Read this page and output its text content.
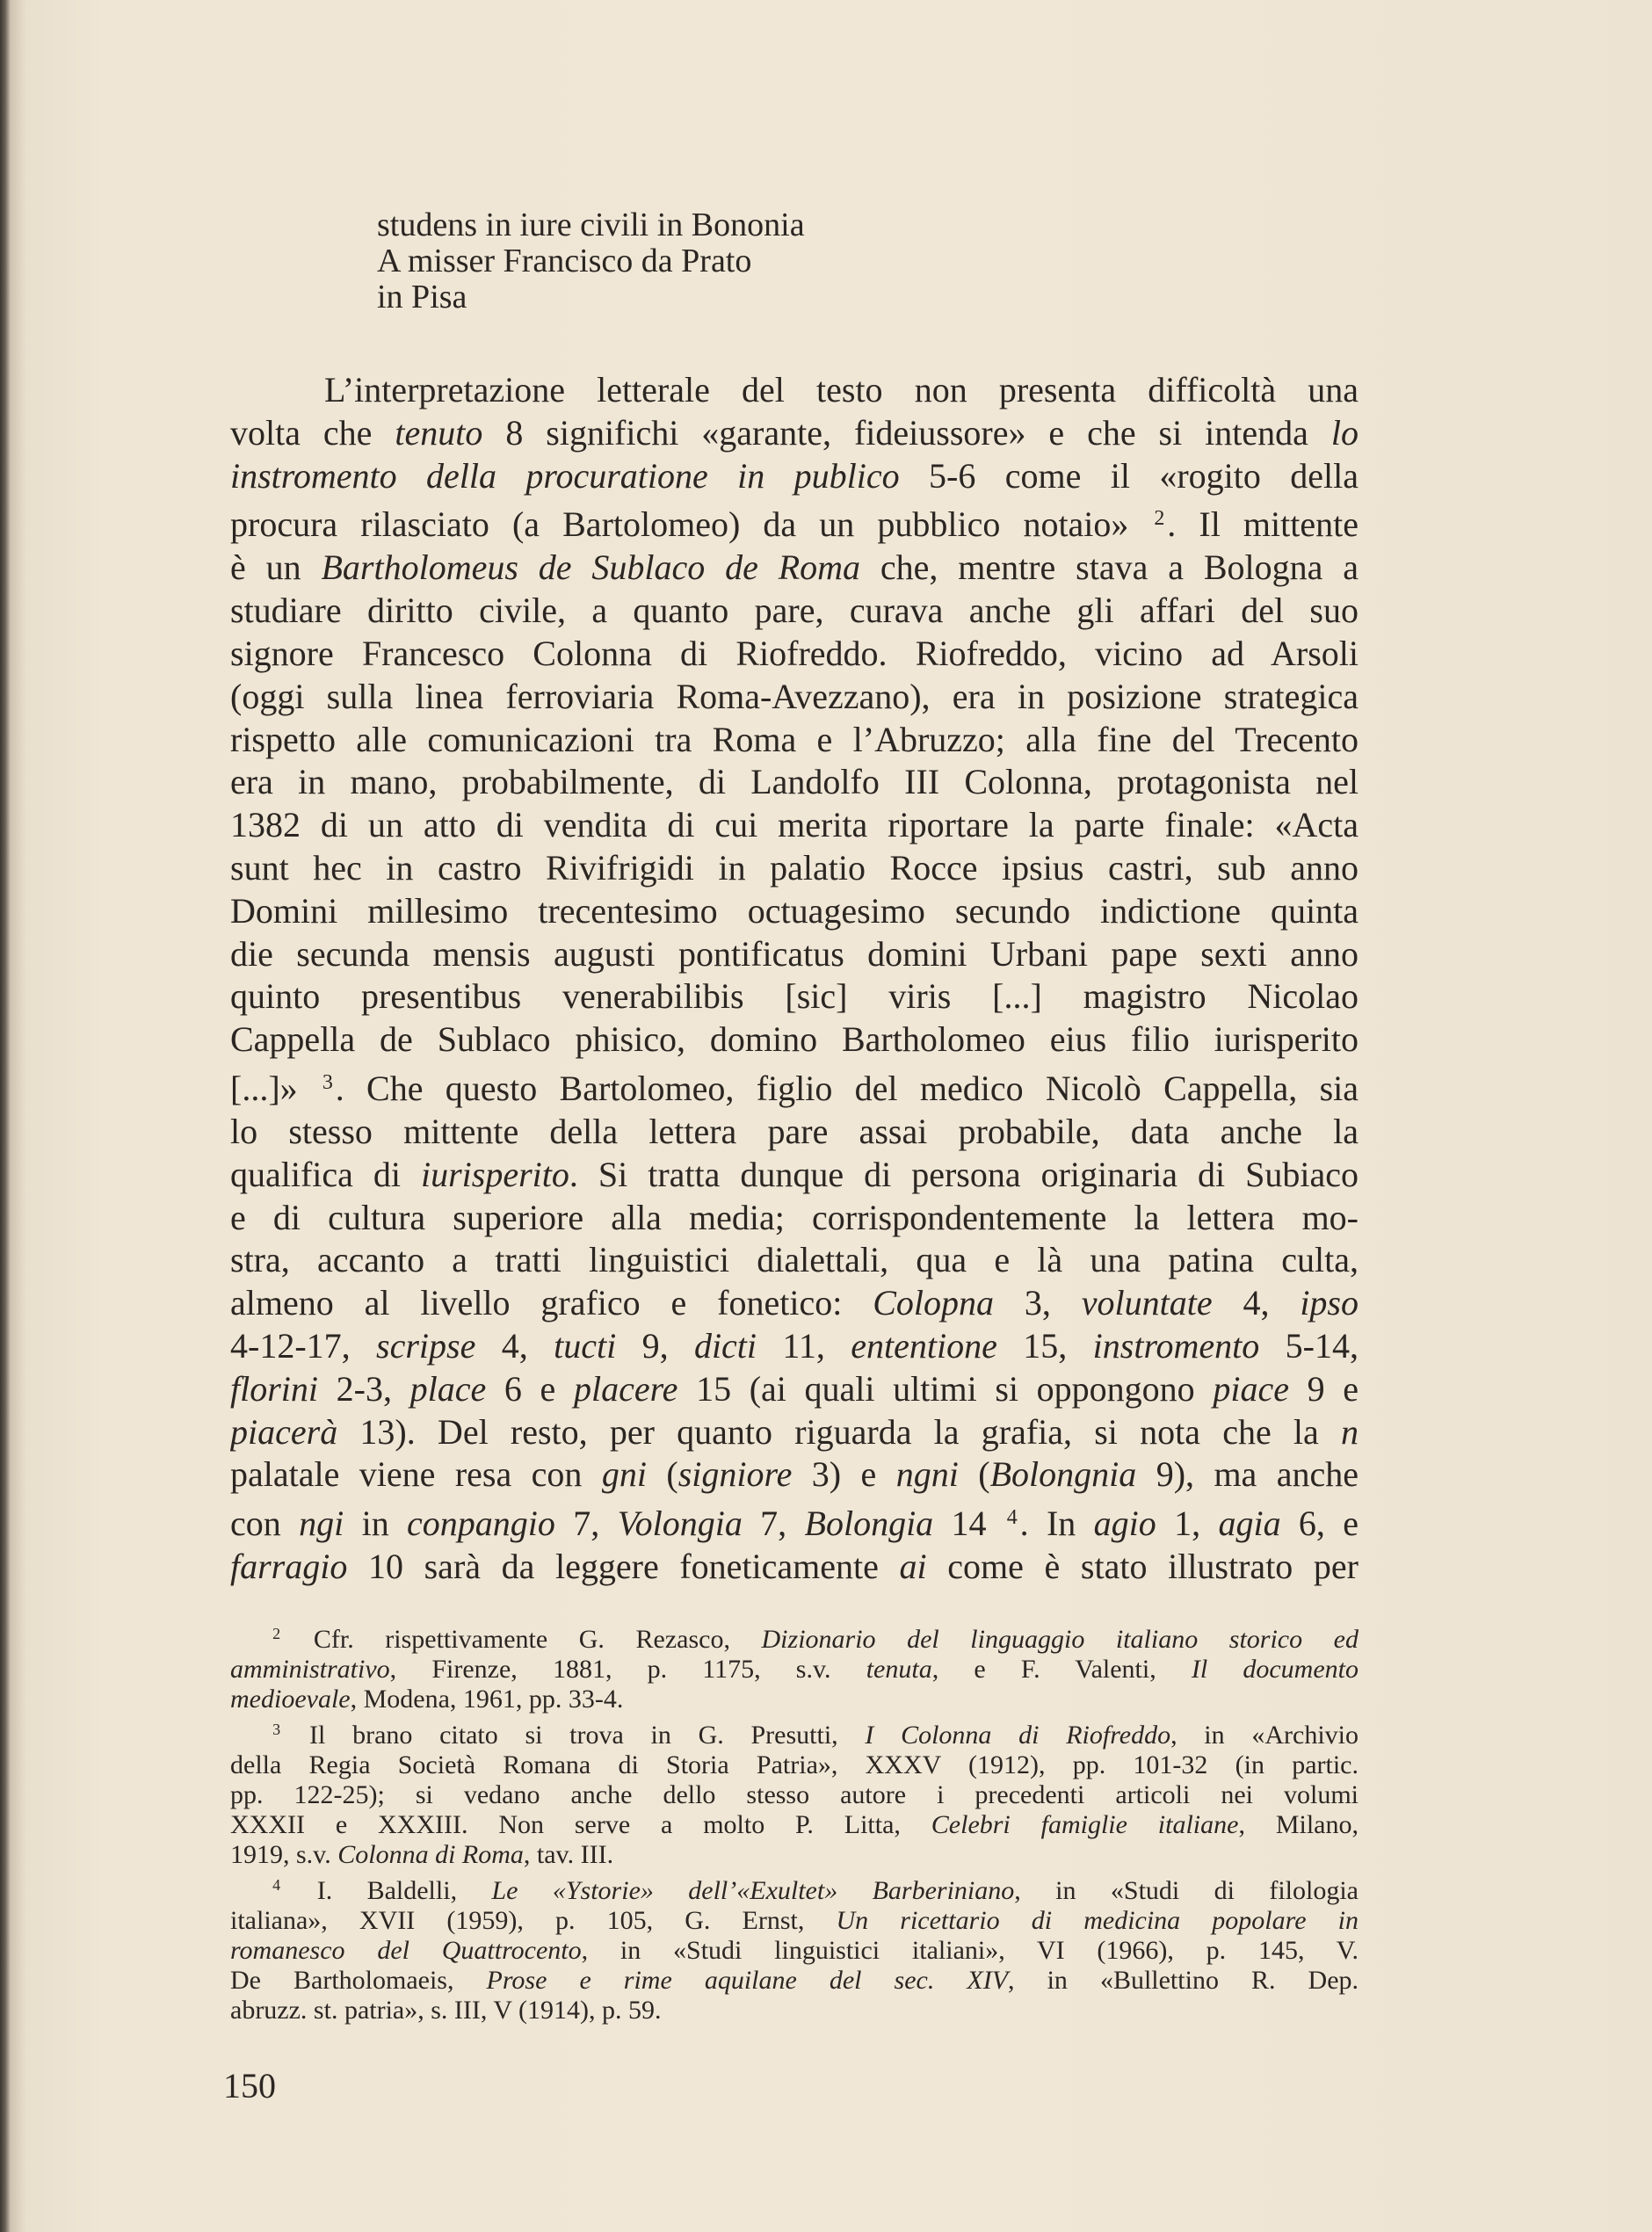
studens in iure civili in Bononia
A misser Francisco da Prato
in Pisa
L’interpretazione letterale del testo non presenta difficoltà una
volta che tenuto 8 significhi «garante, fideiussore» e che si intenda lo
instromento della procuratione in publico 5-6 come il «rogito della
procura rilasciato (a Bartolomeo) da un pubblico notaio» $^2$. Il mittente
è un Bartholomeus de Sublaco de Roma che, mentre stava a Bologna a
studiare diritto civile, a quanto pare, curava anche gli affari del suo
signore Francesco Colonna di Riofreddo. Riofreddo, vicino ad Arsoli
(oggi sulla linea ferroviaria Roma-Avezzano), era in posizione strategica
rispetto alle comunicazioni tra Roma e l’Abruzzo; alla fine del Trecento
era in mano, probabilmente, di Landolfo III Colonna, protagonista nel
1382 di un atto di vendita di cui merita riportare la parte finale: «Acta
sunt hec in castro Rivifrigidi in palatio Rocce ipsius castri, sub anno
Domini millesimo trecentesimo octuagesimo secundo indictione quinta
die secunda mensis augusti pontificatus domini Urbani pape sexti anno
quinto presentibus venerabilibis [sic] viris [...] magistro Nicolao
Cappella de Sublaco phisico, domino Bartholomeo eius filio iurisperito
[...]» $^3$. Che questo Bartolomeo, figlio del medico Nicolò Cappella, sia
lo stesso mittente della lettera pare assai probabile, data anche la
qualifica di iurisperito. Si tratta dunque di persona originaria di Subiaco
e di cultura superiore alla media; corrispondentemente la lettera mo-
stra, accanto a tratti linguistici dialettali, qua e là una patina culta,
almeno al livello grafico e fonetico: Colopna 3, voluntate 4, ipso
4-12-17, scripse 4, tucti 9, dicti 11, ententione 15, instromento 5-14,
florini 2-3, place 6 e placere 15 (ai quali ultimi si oppongono piace 9 e
piacerà 13). Del resto, per quanto riguarda la grafia, si nota che la n
palatale viene resa con gni (signiore 3) e ngni (Bolongnia 9), ma anche
con ngi in conpangio 7, Volongia 7, Bolongia 14 $^4$. In agio 1, agia 6, e
farragio 10 sarà da leggere foneticamente ai come è stato illustrato per
$^2$ Cfr. rispettivamente G. Rezasco, Dizionario del linguaggio italiano storico ed
amministrativo, Firenze, 1881, p. 1175, s.v. tenuta, e F. Valenti, Il documento
medioevale, Modena, 1961, pp. 33-4.
$^3$ Il brano citato si trova in G. Presutti, I Colonna di Riofreddo, in «Archivio
della Regia Società Romana di Storia Patria», XXXV (1912), pp. 101-32 (in partic.
pp. 122-25); si vedano anche dello stesso autore i precedenti articoli nei volumi
XXXII e XXXIII. Non serve a molto P. Litta, Celebri famiglie italiane, Milano,
1919, s.v. Colonna di Roma, tav. III.
$^4$ I. Baldelli, Le «Ystorie» dell’«Exultet» Barberiniano, in «Studi di filologia
italiana», XVII (1959), p. 105, G. Ernst, Un ricettario di medicina popolare in
romanesco del Quattrocento, in «Studi linguistici italiani», VI (1966), p. 145, V.
De Bartholomaeis, Prose e rime aquilane del sec. XIV, in «Bullettino R. Dep.
abruzz. st. patria», s. III, V (1914), p. 59.
150
